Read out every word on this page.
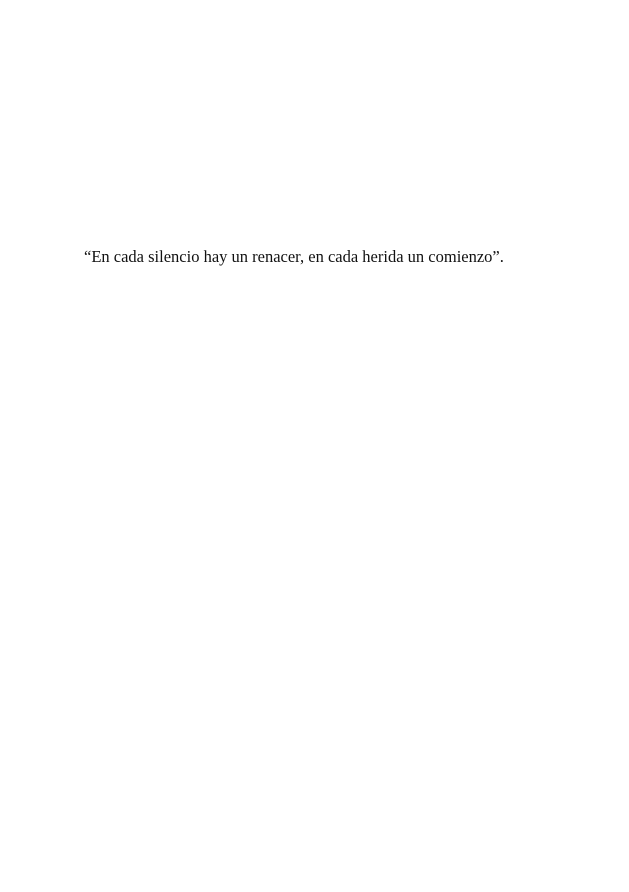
“En cada silencio hay un renacer, en cada herida un comienzo”.
